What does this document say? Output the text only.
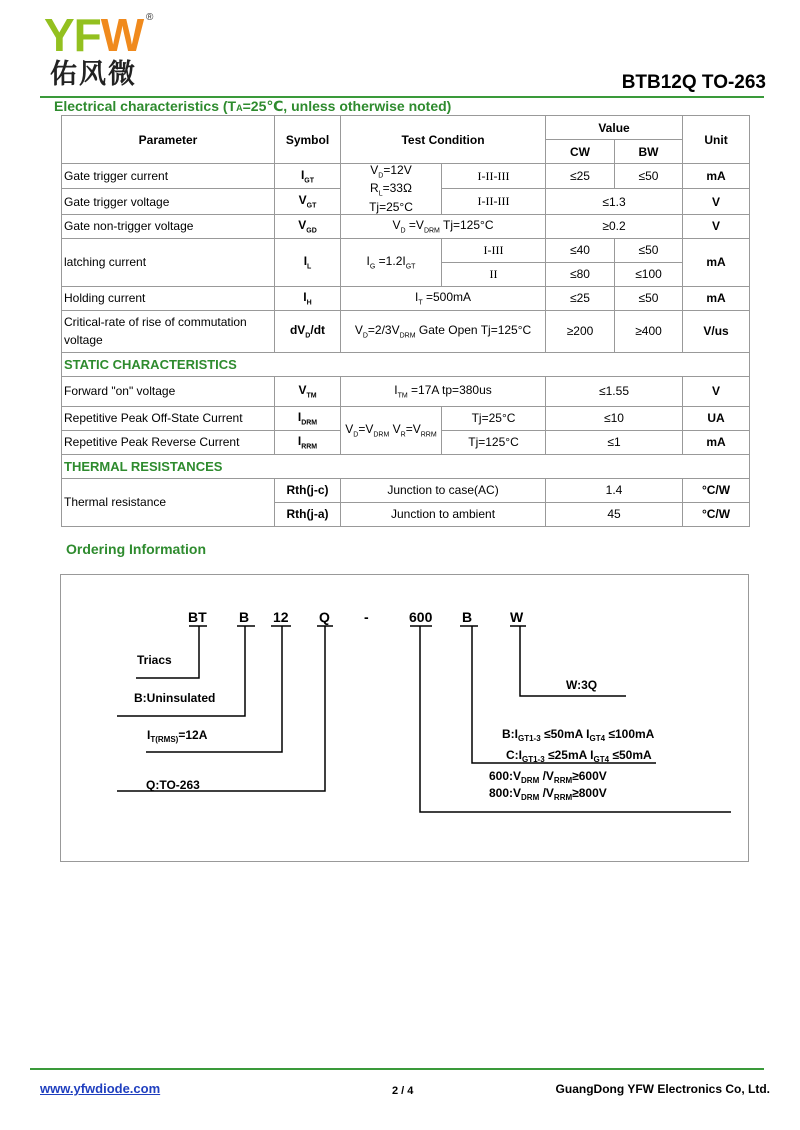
YFW ®
佑风微	BTB12Q TO-263
Electrical characteristics (TA=25℃, unless otherwise noted)
Parameter	Symbol	Test Condition		Value		Unit
				CW	BW	
Gate trigger current	$I_{GT}$	$V_D=12V$
$R_L=33\Omega$
Tj=25°C	I-II-III	≤25	≤50	mA
Gate trigger voltage	$V_{GT}$		I-II-III	≤1.3		V
Gate non-trigger voltage	$V_{GD}$	$V_D =V_{DRM}$ Tj=125°C		≥0.2		V
latching current	$I_L$	$I_G =1.2I_{GT}$	I-III	≤40	≤50	mA
			II	≤80	≤100	
Holding current	$I_H$	$I_T =500mA$		≤25	≤50	mA
Critical-rate of rise of commutation voltage	$dV_D/dt$	$V_D=2/3V_{DRM}$ Gate Open Tj=125°C		≥200	≥400	V/us
STATIC CHARACTERISTICS						
Forward "on" voltage	$V_{TM}$	$I_{TM} =17A$ tp=380us		≤1.55		V
Repetitive Peak Off-State Current	$I_{DRM}$	$V_D=V_{DRM}$ $V_R=V_{RRM}$	Tj=25°C	≤10		UA
Repetitive Peak Reverse Current	$I_{RRM}$		Tj=125°C	≤1		mA
THERMAL RESISTANCES						
Thermal resistance	Rth(j-c)	Junction to case(AC)		1.4		°C/W
	Rth(j-a)	Junction to ambient		45		°C/W
Ordering Information
BT B 12 Q -	600 B	W
Triacs
B:Uninsulated
$I_{T(RMS)}=12A$
Q:TO-263
W:3Q
$B:I_{GT1-3} \le 50mA$ $I_{GT4} \le 100mA$
$C:I_{GT1-3} \le 25mA$ $I_{GT4} \le 50mA$
$600:V_{DRM}$ $/V_{RRM}\ge 600V$
$800:V_{DRM}$ $/V_{RRM}\ge 800V$
www.yfwdiode.com	2 / 4	GuangDong YFW Electronics Co, Ltd.
